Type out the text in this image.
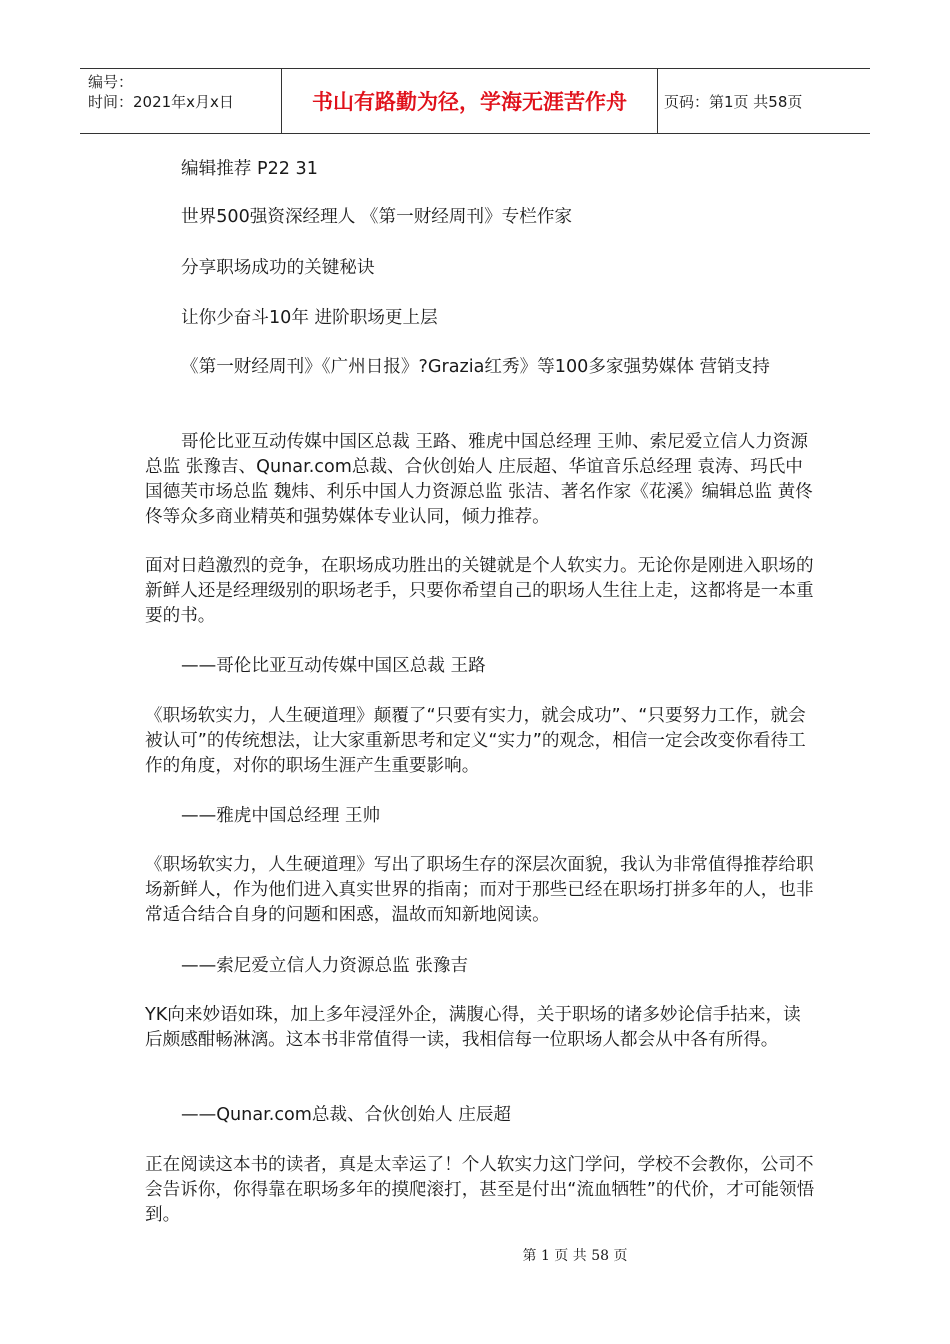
编号：
时间：2021年x月x日	书山有路勤为径，学海无涯苦作舟	页码：第1页 共58页
编辑推荐 P22 31
世界500强资深经理人 《第一财经周刊》专栏作家
分享职场成功的关键秘诀
让你少奋斗10年 进阶职场更上层
《第一财经周刊》《广州日报》?Grazia红秀》等100多家强势媒体 营销支持
哥伦比亚互动传媒中国区总裁 王路、雅虎中国总经理 王帅、索尼爱立信人力资源总监 张豫吉、Qunar.com总裁、合伙创始人 庄辰超、华谊音乐总经理 袁涛、玛氏中国德芙市场总监 魏炜、利乐中国人力资源总监 张洁、著名作家《花溪》编辑总监 黄佟佟等众多商业精英和强势媒体专业认同，倾力推荐。
面对日趋激烈的竞争，在职场成功胜出的关键就是个人软实力。无论你是刚进入职场的新鲜人还是经理级别的职场老手，只要你希望自己的职场人生往上走，这都将是一本重要的书。
——哥伦比亚互动传媒中国区总裁 王路
《职场软实力，人生硬道理》颠覆了“只要有实力，就会成功”、“只要努力工作，就会被认可”的传统想法，让大家重新思考和定义“实力”的观念，相信一定会改变你看待工作的角度，对你的职场生涯产生重要影响。
——雅虎中国总经理 王帅
《职场软实力，人生硬道理》写出了职场生存的深层次面貌，我认为非常值得推荐给职场新鲜人，作为他们进入真实世界的指南；而对于那些已经在职场打拼多年的人，也非常适合结合自身的问题和困惑，温故而知新地阅读。
——索尼爱立信人力资源总监 张豫吉
YK向来妙语如珠，加上多年浸淫外企，满腹心得，关于职场的诸多妙论信手拈来，读后颇感酣畅淋漓。这本书非常值得一读，我相信每一位职场人都会从中各有所得。
——Qunar.com总裁、合伙创始人 庄辰超
正在阅读这本书的读者，真是太幸运了！个人软实力这门学问，学校不会教你，公司不会告诉你，你得靠在职场多年的摸爬滚打，甚至是付出“流血牺牲”的代价，才可能领悟到。
第 1 页 共 58 页
